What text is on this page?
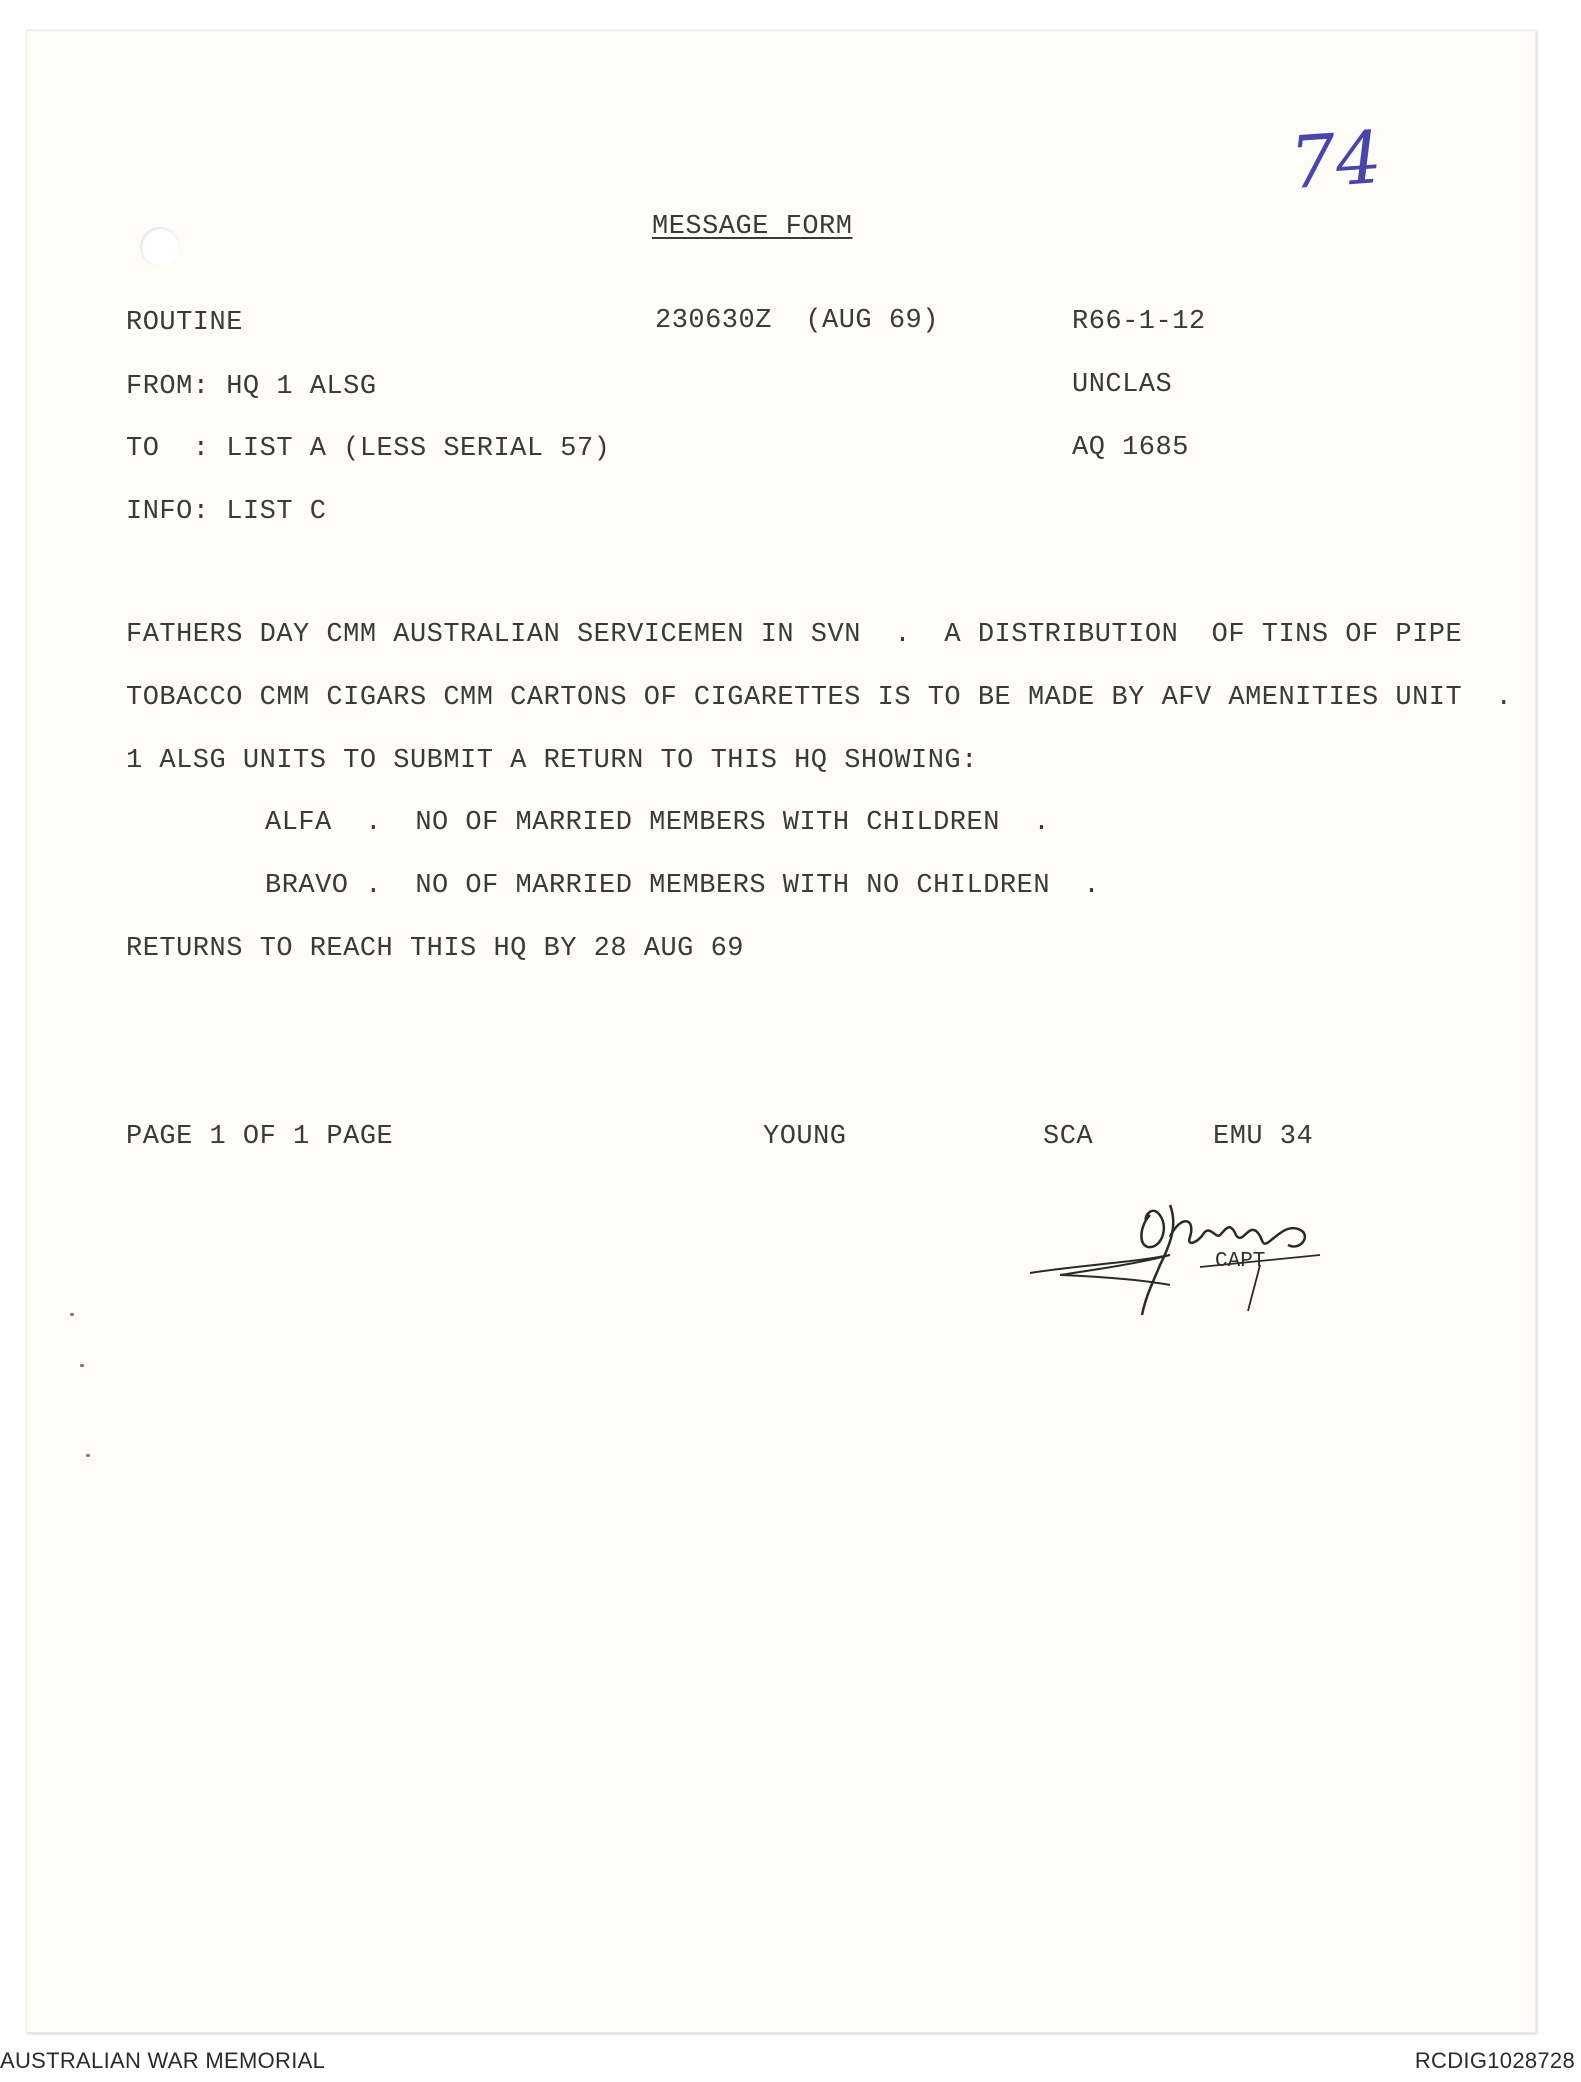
74
MESSAGE FORM
ROUTINE	230630Z  (AUG 69)	R66-1-12
FROM: HQ 1 ALSG	UNCLAS
TO  : LIST A (LESS SERIAL 57)	AQ 1685
INFO: LIST C
FATHERS DAY CMM AUSTRALIAN SERVICEMEN IN SVN  .  A DISTRIBUTION  OF TINS OF PIPE
TOBACCO CMM CIGARS CMM CARTONS OF CIGARETTES IS TO BE MADE BY AFV AMENITIES UNIT  .
1 ALSG UNITS TO SUBMIT A RETURN TO THIS HQ SHOWING:
ALFA  .  NO OF MARRIED MEMBERS WITH CHILDREN  .
BRAVO .  NO OF MARRIED MEMBERS WITH NO CHILDREN  .
RETURNS TO REACH THIS HQ BY 28 AUG 69
PAGE 1 OF 1 PAGE	YOUNG	SCA	EMU 34
CAPT
AUSTRALIAN WAR MEMORIAL	RCDIG1028728
